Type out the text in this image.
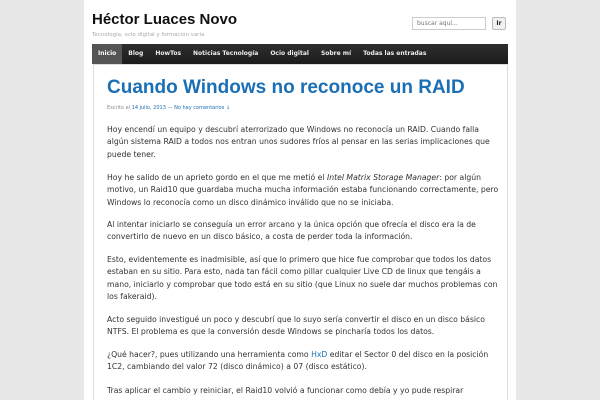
Héctor Luaces Novo
Tecnología, ocio digital y formación varia
buscar aquí...
Ir
Inicio	Blog	HowTos	Noticias Tecnología	Ocio digital	Sobre mí	Todas las entradas
Cuando Windows no reconoce un RAID
Escrito el 14 julio, 2013 — No hay comentarios ↓

Hoy encendí un equipo y descubrí aterrorizado que Windows no reconocía un RAID. Cuando falla algún sistema RAID a todos nos entran unos sudores fríos al pensar en las serias implicaciones que puede tener.

Hoy he salido de un aprieto gordo en el que me metió el Intel Matrix Storage Manager: por algún motivo, un Raid10 que guardaba mucha mucha información estaba funcionando correctamente, pero Windows lo reconocía como un disco dinámico inválido que no se iniciaba.

Al intentar iniciarlo se conseguía un error arcano y la única opción que ofrecía el disco era la de convertirlo de nuevo en un disco básico, a costa de perder toda la información.

Esto, evidentemente es inadmisible, así que lo primero que hice fue comprobar que todos los datos estaban en su sitio. Para esto, nada tan fácil como pillar cualquier Live CD de linux que tengáis a mano, iniciarlo y comprobar que todo está en su sitio (que Linux no suele dar muchos problemas con los fakeraid).

Acto seguido investigué un poco y descubrí que lo suyo sería convertir el disco en un disco básico NTFS. El problema es que la conversión desde Windows se pincharía todos los datos.

¿Qué hacer?, pues utilizando una herramienta como HxD editar el Sector 0 del disco en la posición 1C2, cambiando del valor 72 (disco dinámico) a 07 (disco estático).

Tras aplicar el cambio y reiniciar, el Raid10 volvió a funcionar como debía y yo pude respirar
